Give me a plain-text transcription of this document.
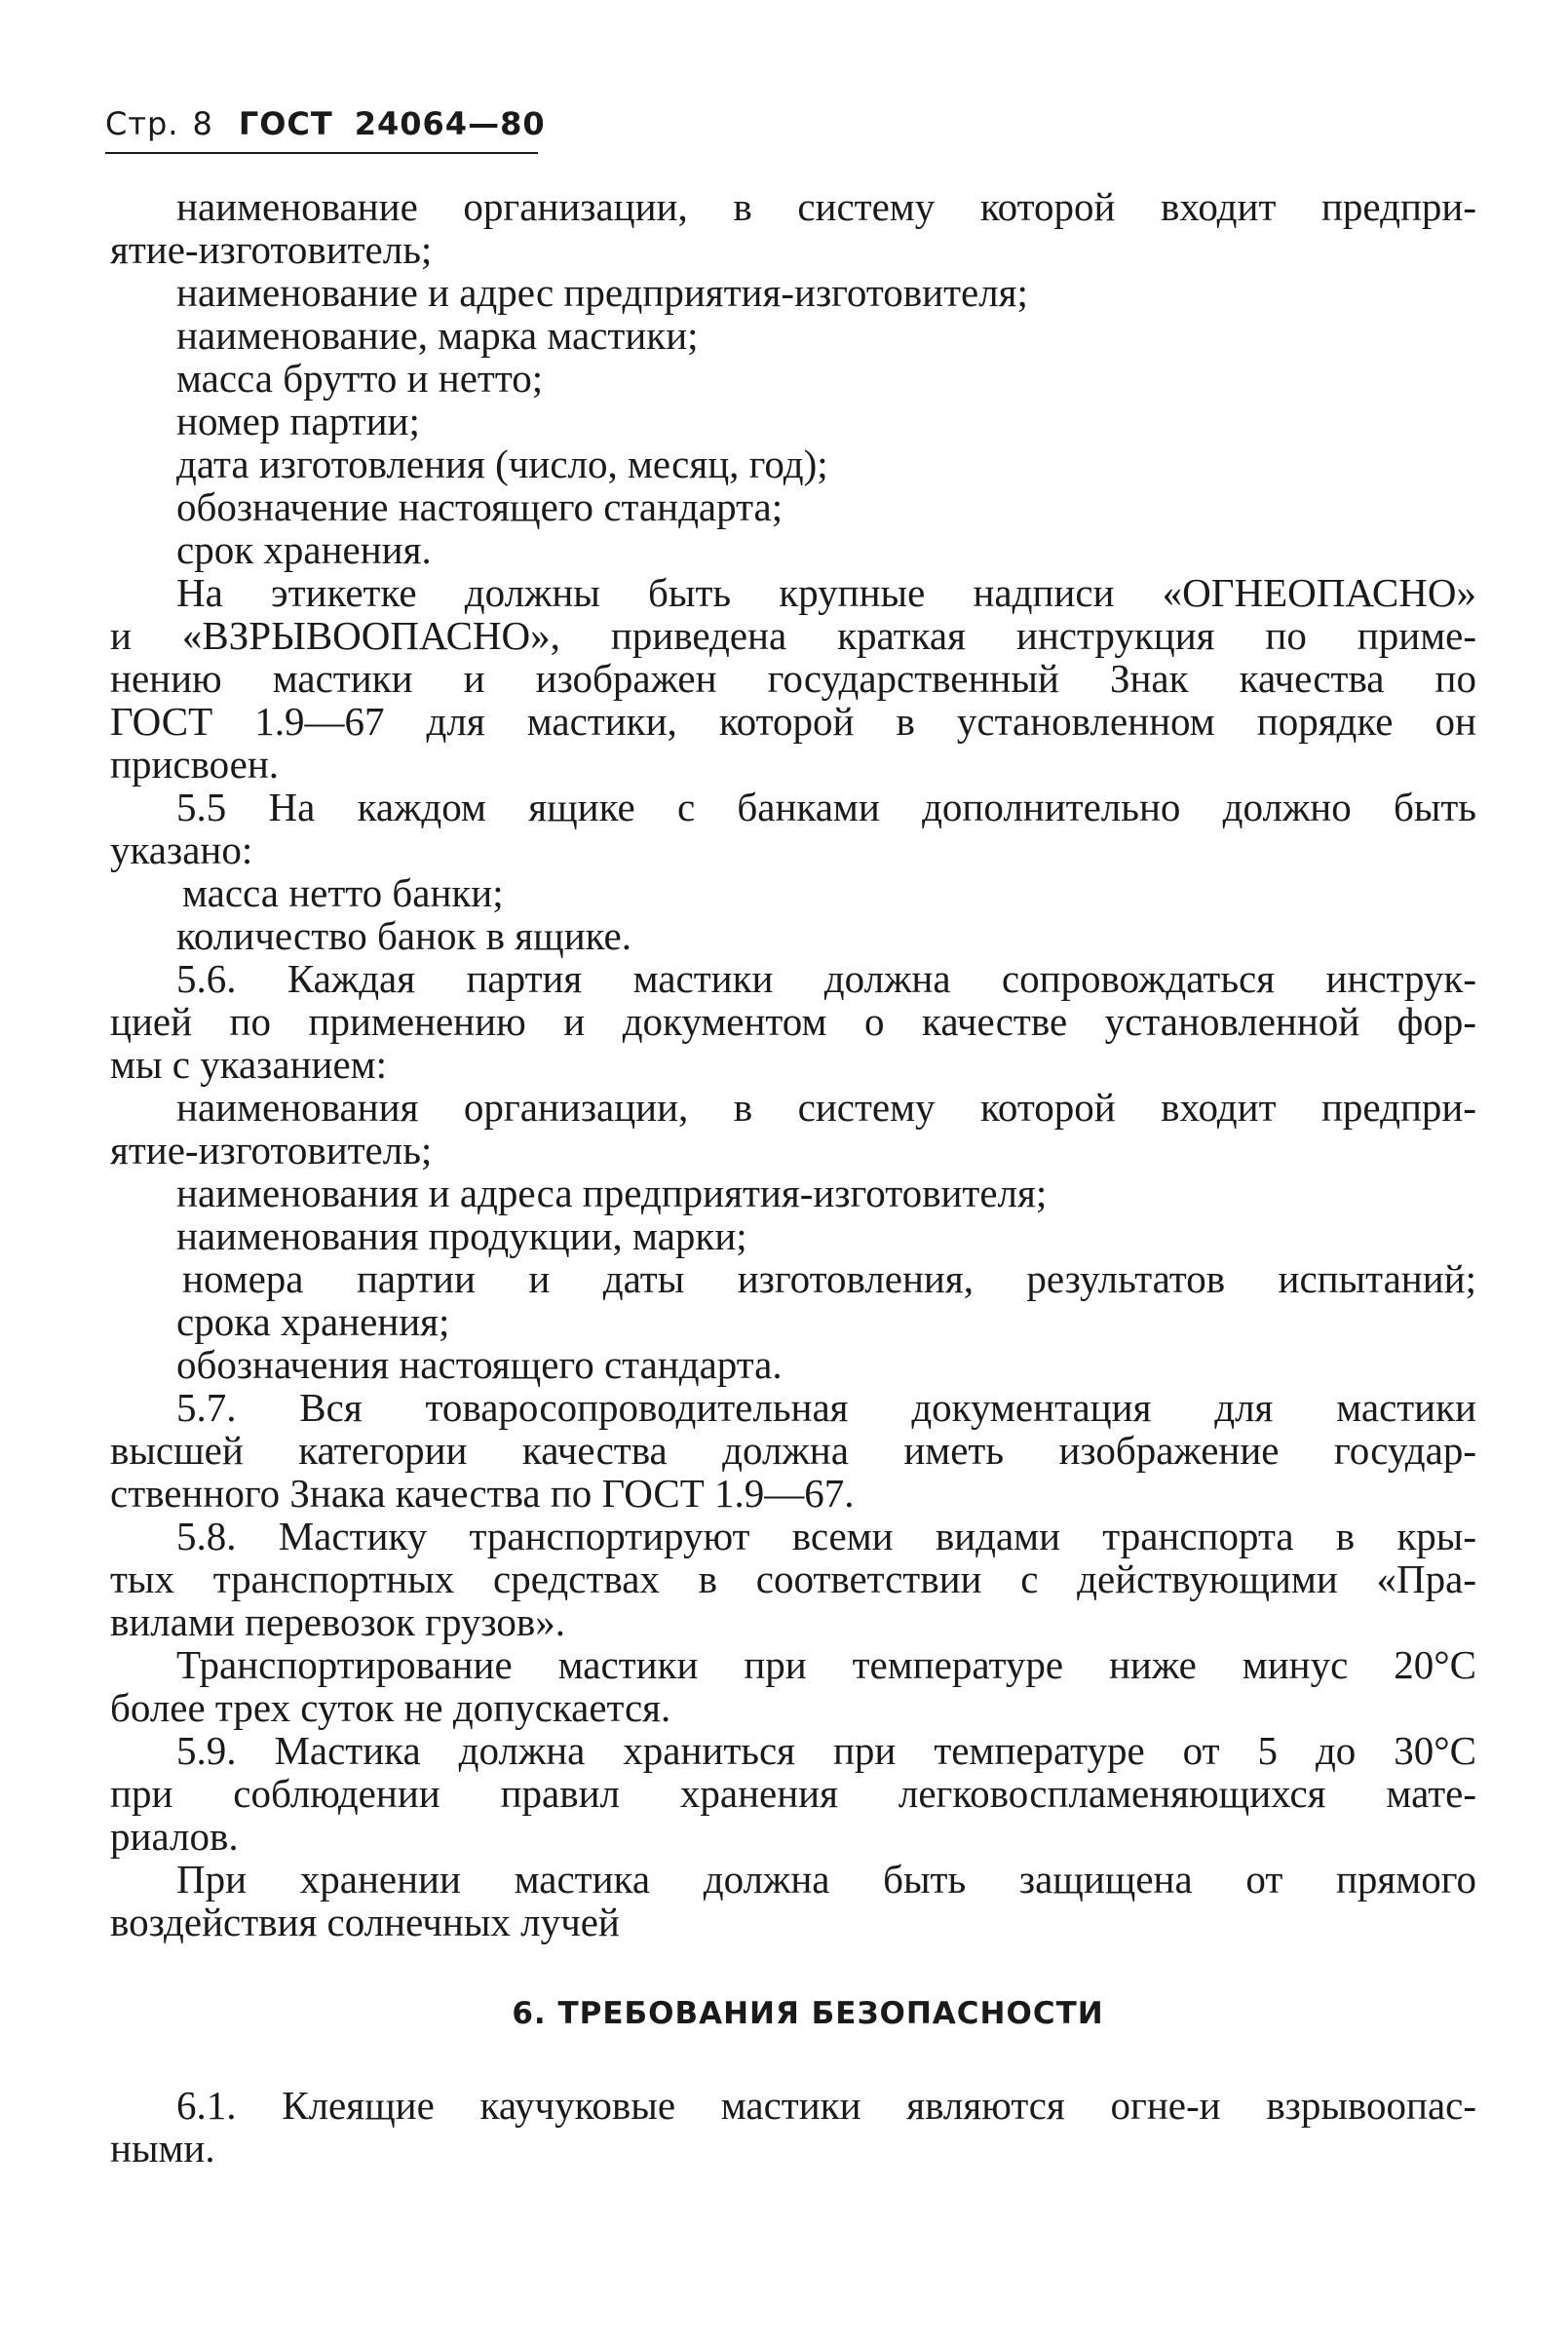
Стр. 8 ГОСТ 24064—80
наименование организации, в систему которой входит предпри-
ятие-изготовитель;
наименование и адрес предприятия-изготовителя;
наименование, марка мастики;
масса брутто и нетто;
номер партии;
дата изготовления (число, месяц, год);
обозначение настоящего стандарта;
срок хранения.
На этикетке должны быть крупные надписи «ОГНЕОПАСНО»
и «ВЗРЫВООПАСНО», приведена краткая инструкция по приме-
нению мастики и изображен государственный Знак качества по
ГОСТ 1.9—67 для мастики, которой в установленном порядке он
присвоен.
5.5 На каждом ящике с банками дополнительно должно быть
указано:
масса нетто банки;
количество банок в ящике.
5.6. Каждая партия мастики должна сопровождаться инструк-
цией по применению и документом о качестве установленной фор-
мы с указанием:
наименования организации, в систему которой входит предпри-
ятие-изготовитель;
наименования и адреса предприятия-изготовителя;
наименования продукции, марки;
номера партии и даты изготовления, результатов испытаний;
срока хранения;
обозначения настоящего стандарта.
5.7. Вся товаросопроводительная документация для мастики
высшей категории качества должна иметь изображение государ-
ственного Знака качества по ГОСТ 1.9—67.
5.8. Мастику транспортируют всеми видами транспорта в кры-
тых транспортных средствах в соответствии с действующими «Пра-
вилами перевозок грузов».
Транспортирование мастики при температуре ниже минус 20°С
более трех суток не допускается.
5.9. Мастика должна храниться при температуре от 5 до 30°С
при соблюдении правил хранения легковоспламеняющихся мате-
риалов.
При хранении мастика должна быть защищена от прямого
воздействия солнечных лучей
6. ТРЕБОВАНИЯ БЕЗОПАСНОСТИ
6.1. Клеящие каучуковые мастики являются огне-и взрывоопас-
ными.
